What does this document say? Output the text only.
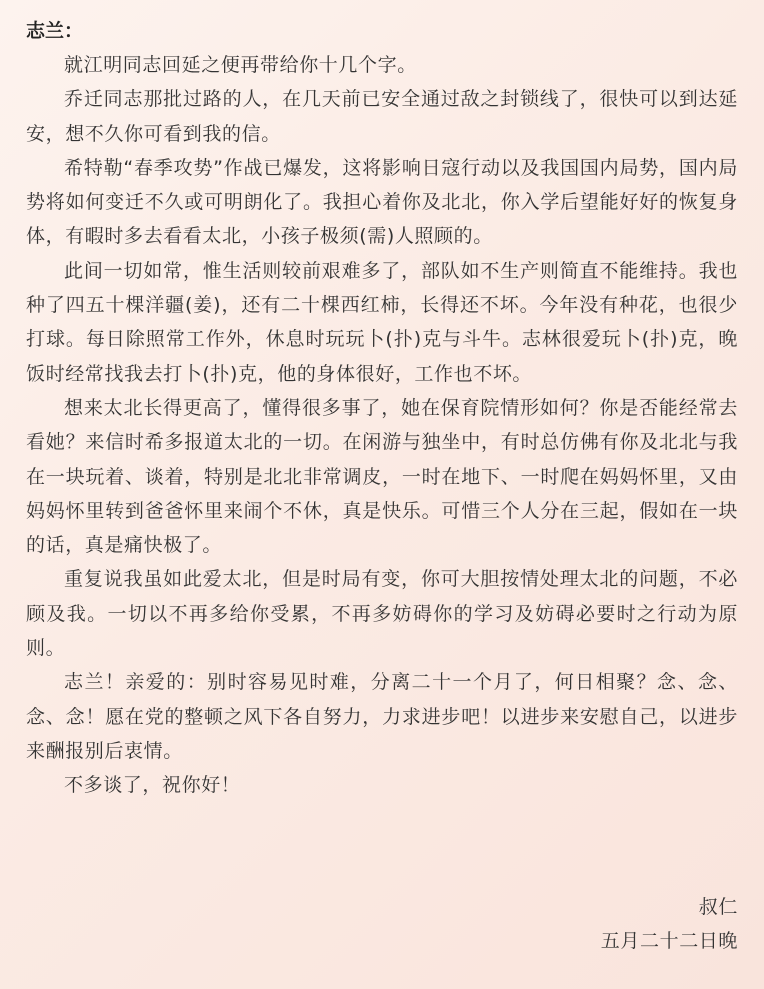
志兰：

就江明同志回延之便再带给你十几个字。

乔迁同志那批过路的人，在几天前已安全通过敌之封锁线了，很快可以到达延安，想不久你可看到我的信。

希特勒“春季攻势”作战已爆发，这将影响日寇行动以及我国国内局势，国内局势将如何变迁不久或可明朗化了。我担心着你及北北，你入学后望能好好的恢复身体，有暇时多去看看太北，小孩子极须(需)人照顾的。

此间一切如常，惟生活则较前艰难多了，部队如不生产则简直不能维持。我也种了四五十棵洋疆(姜)，还有二十棵西红柿，长得还不坏。今年没有种花，也很少打球。每日除照常工作外，休息时玩玩卜(扑)克与斗牛。志林很爱玩卜(扑)克，晚饭时经常找我去打卜(扑)克，他的身体很好，工作也不坏。

想来太北长得更高了，懂得很多事了，她在保育院情形如何？你是否能经常去看她？来信时希多报道太北的一切。在闲游与独坐中，有时总仿佛有你及北北与我在一块玩着、谈着，特别是北北非常调皮，一时在地下、一时爬在妈妈怀里，又由妈妈怀里转到爸爸怀里来闹个不休，真是快乐。可惜三个人分在三起，假如在一块的话，真是痛快极了。

重复说我虽如此爱太北，但是时局有变，你可大胆按情处理太北的问题，不必顾及我。一切以不再多给你受累，不再多妨碍你的学习及妨碍必要时之行动为原则。

志兰！亲爱的：别时容易见时难，分离二十一个月了，何日相聚？念、念、念、念！愿在党的整顿之风下各自努力，力求进步吧！以进步来安慰自己，以进步来酬报别后衷情。

不多谈了，祝你好！

叔仁
五月二十二日晚
